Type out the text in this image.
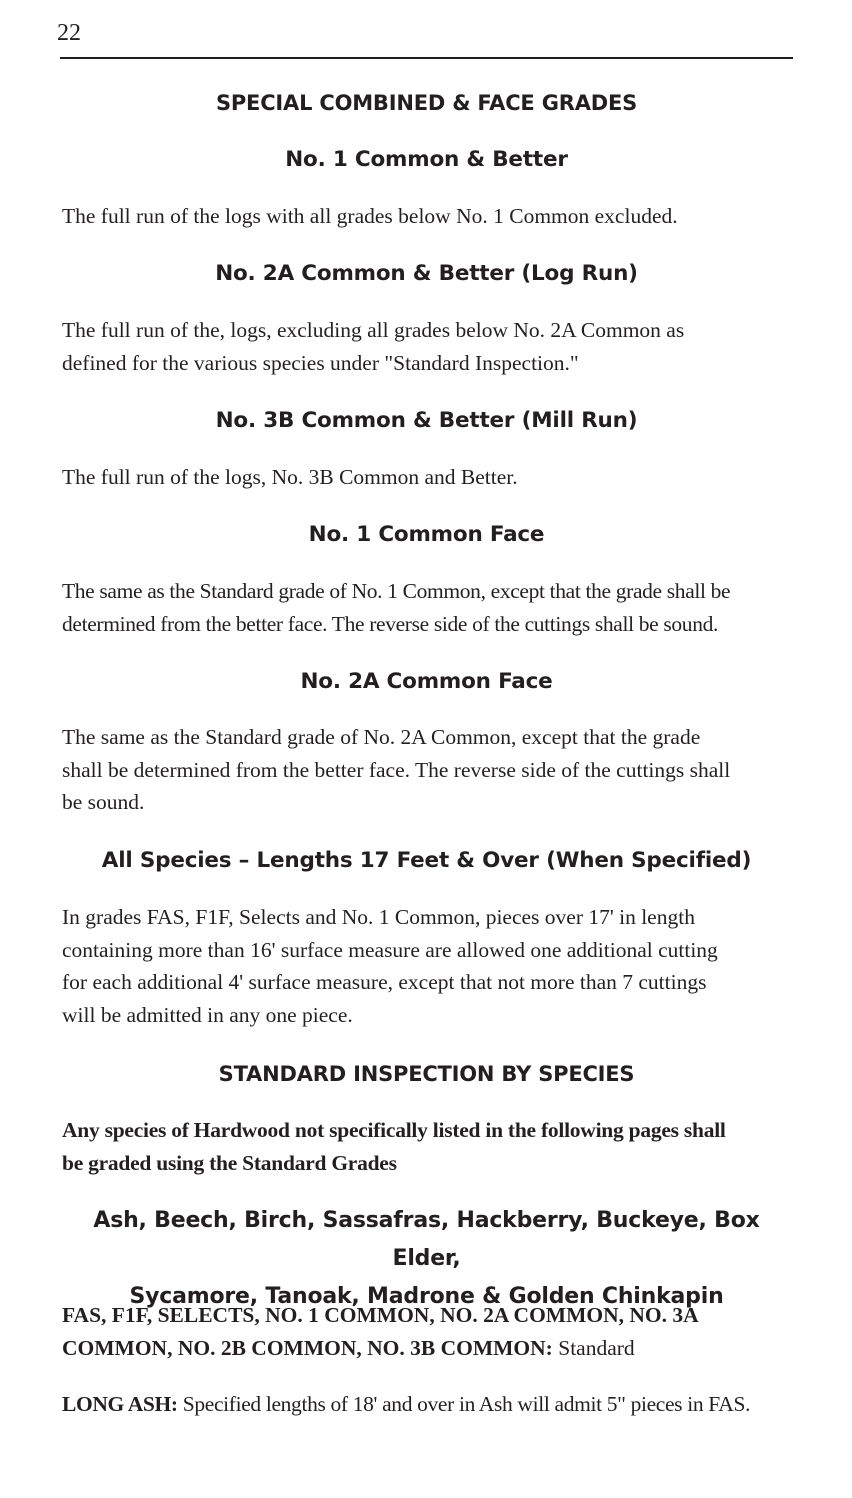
22
SPECIAL COMBINED & FACE GRADES
No. 1 Common & Better
The full run of the logs with all grades below No. 1 Common excluded.
No. 2A Common & Better (Log Run)
The full run of the, logs, excluding all grades below No. 2A Common as
defined for the various species under "Standard Inspection."
No. 3B Common & Better (Mill Run)
The full run of the logs, No. 3B Common and Better.
No. 1 Common Face
The same as the Standard grade of No. 1 Common, except that the grade shall be
determined from the better face. The reverse side of the cuttings shall be sound.
No. 2A Common Face
The same as the Standard grade of No. 2A Common, except that the grade
shall be determined from the better face. The reverse side of the cuttings shall
be sound.
All Species – Lengths 17 Feet & Over (When Specified)
In grades FAS, F1F, Selects and No. 1 Common, pieces over 17' in length
containing more than 16' surface measure are allowed one additional cutting
for each additional 4' surface measure, except that not more than 7 cuttings
will be admitted in any one piece.
STANDARD INSPECTION BY SPECIES
Any species of Hardwood not specifically listed in the following pages shall
be graded using the Standard Grades
Ash, Beech, Birch, Sassafras, Hackberry, Buckeye, Box Elder,
Sycamore, Tanoak, Madrone & Golden Chinkapin
FAS, F1F, SELECTS, NO. 1 COMMON, NO. 2A COMMON, NO. 3A
COMMON, NO. 2B COMMON, NO. 3B COMMON: Standard
LONG ASH: Specified lengths of 18' and over in Ash will admit 5" pieces in FAS.
